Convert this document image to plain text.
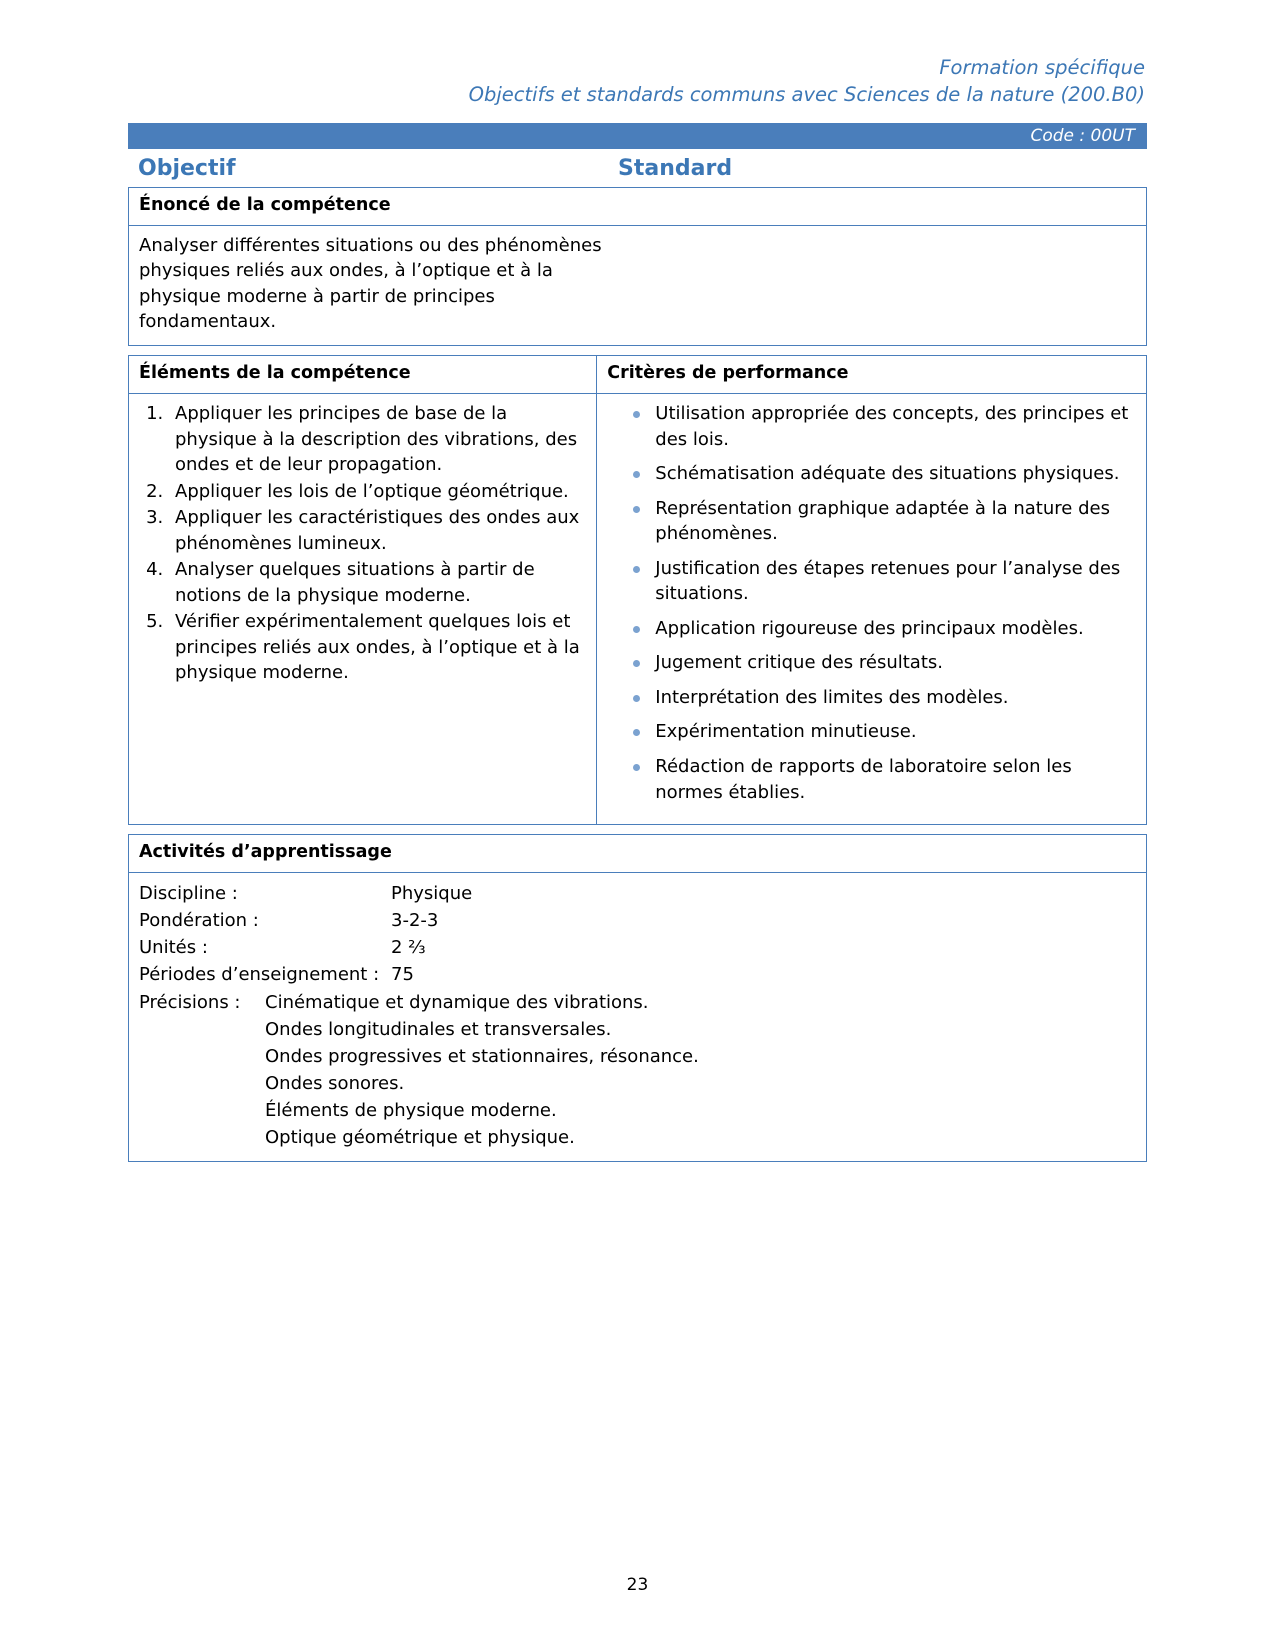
Formation spécifique
Objectifs et standards communs avec Sciences de la nature (200.B0)
Code : 00UT
Objectif	Standard
Énoncé de la compétence

Analyser différentes situations ou des phénomènes physiques reliés aux ondes, à l’optique et à la physique moderne à partir de principes fondamentaux.
Éléments de la compétence	Critères de performance

1. Appliquer les principes de base de la physique à la description des vibrations, des ondes et de leur propagation.
2. Appliquer les lois de l’optique géométrique.
3. Appliquer les caractéristiques des ondes aux phénomènes lumineux.
4. Analyser quelques situations à partir de notions de la physique moderne.
5. Vérifier expérimentalement quelques lois et principes reliés aux ondes, à l’optique et à la physique moderne.

Utilisation appropriée des concepts, des principes et des lois.
Schématisation adéquate des situations physiques.
Représentation graphique adaptée à la nature des phénomènes.
Justification des étapes retenues pour l’analyse des situations.
Application rigoureuse des principaux modèles.
Jugement critique des résultats.
Interprétation des limites des modèles.
Expérimentation minutieuse.
Rédaction de rapports de laboratoire selon les normes établies.
Activités d’apprentissage

Discipline :	Physique
Pondération :	3-2-3
Unités :	2 ⅔
Périodes d’enseignement : 75
Précisions :	Cinématique et dynamique des vibrations.
Ondes longitudinales et transversales.
Ondes progressives et stationnaires, résonance.
Ondes sonores.
Éléments de physique moderne.
Optique géométrique et physique.
23
